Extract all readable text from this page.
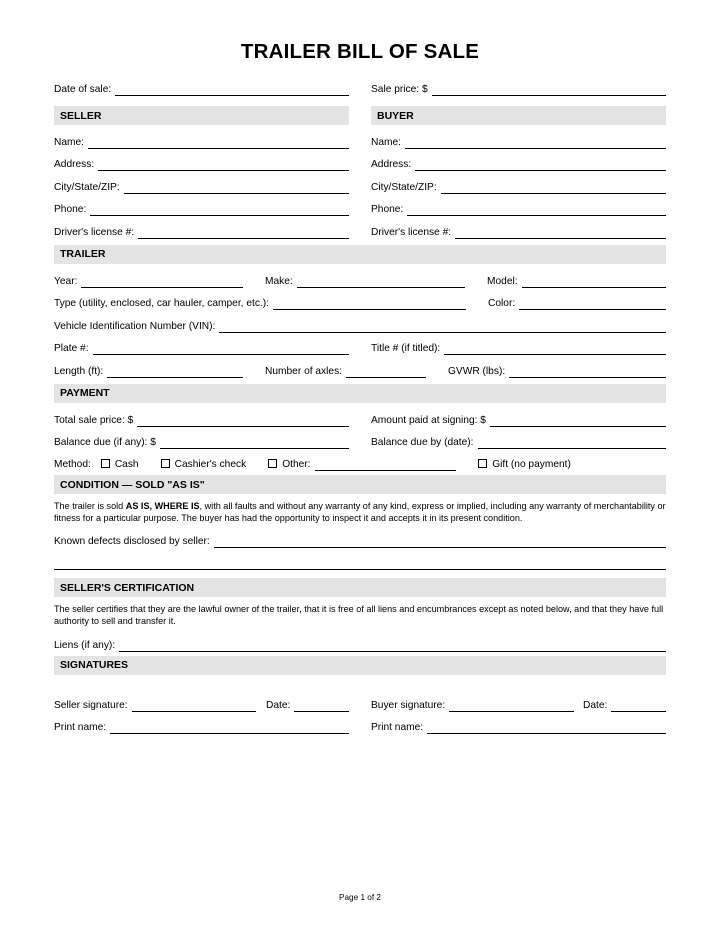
TRAILER BILL OF SALE
Date of sale:	Sale price: $
SELLER	BUYER
Name:	Name:
Address:	Address:
City/State/ZIP:	City/State/ZIP:
Phone:	Phone:
Driver's license #:	Driver's license #:
TRAILER
Year:	Make:	Model:
Type (utility, enclosed, car hauler, camper, etc.):	Color:
Vehicle Identification Number (VIN):
Plate #:	Title # (if titled):
Length (ft):	Number of axles:	GVWR (lbs):
PAYMENT
Total sale price: $	Amount paid at signing: $
Balance due (if any): $	Balance due by (date):
Method:	Cash	Cashier's check	Other:	Gift (no payment)
CONDITION — SOLD "AS IS"
The trailer is sold AS IS, WHERE IS, with all faults and without any warranty of any kind, express or implied, including any warranty of merchantability or fitness for a particular purpose. The buyer has had the opportunity to inspect it and accepts it in its present condition.
Known defects disclosed by seller:
SELLER'S CERTIFICATION
The seller certifies that they are the lawful owner of the trailer, that it is free of all liens and encumbrances except as noted below, and that they have full authority to sell and transfer it.
Liens (if any):
SIGNATURES
Seller signature:	Date:	Buyer signature:	Date:
Print name:	Print name:
Page 1 of 2
